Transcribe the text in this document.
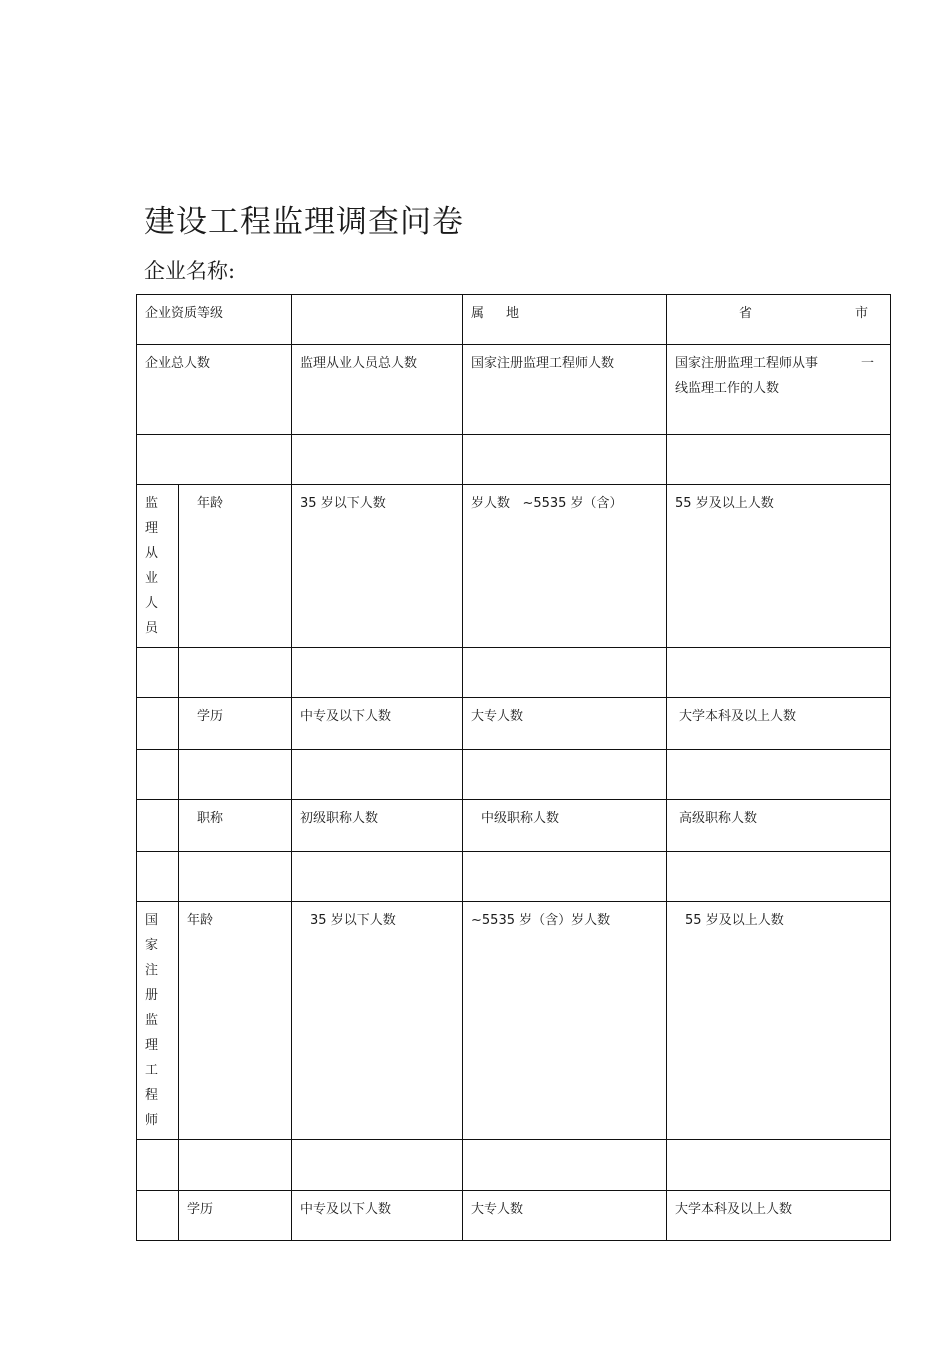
建设工程监理调查问卷
企业名称:
企业资质等级			属 地	省 市

企业总人数		监理从业人员总人数	国家注册监理工程师人数	国家注册监理工程师从事 一
线监理工作的人数

监理从业人员	年龄	35 岁以下人数	岁人数 ~5535 岁（含）	55 岁及以上人数

	学历	中专及以下人数	大专人数	大学本科及以上人数

	职称	初级职称人数	中级职称人数	高级职称人数

国家注册监理工程师	年龄	35 岁以下人数	~5535 岁（含）岁人数	55 岁及以上人数

	学历	中专及以下人数	大专人数	大学本科及以上人数
